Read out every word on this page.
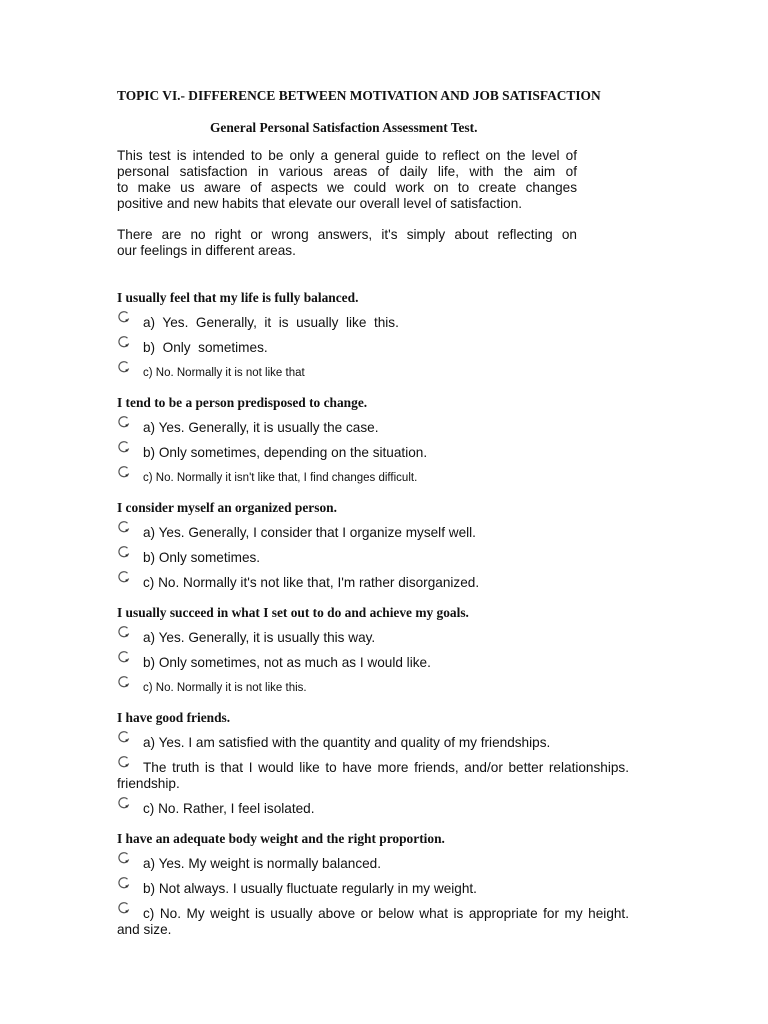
TOPIC VI.- DIFFERENCE BETWEEN MOTIVATION AND JOB SATISFACTION

General Personal Satisfaction Assessment Test.

This test is intended to be only a general guide to reflect on the level of
personal satisfaction in various areas of daily life, with the aim of
to make us aware of aspects we could work on to create changes
positive and new habits that elevate our overall level of satisfaction.

There are no right or wrong answers, it's simply about reflecting on
our feelings in different areas.

I usually feel that my life is fully balanced.

a)  Yes.  Generally,  it  is  usually  like  this.
b)  Only  sometimes.
c) No. Normally it is not like that

I tend to be a person predisposed to change.

a) Yes. Generally, it is usually the case.
b) Only sometimes, depending on the situation.
c) No. Normally it isn't like that, I find changes difficult.

I consider myself an organized person.

a) Yes. Generally, I consider that I organize myself well.
b) Only sometimes.
c) No. Normally it's not like that, I'm rather disorganized.

I usually succeed in what I set out to do and achieve my goals.

a) Yes. Generally, it is usually this way.
b) Only sometimes, not as much as I would like.
c) No. Normally it is not like this.

I have good friends.

a) Yes. I am satisfied with the quantity and quality of my friendships.
The truth is that I would like to have more friends, and/or better relationships. friendship.
c) No. Rather, I feel isolated.

I have an adequate body weight and the right proportion.

a) Yes. My weight is normally balanced.
b) Not always. I usually fluctuate regularly in my weight.
c) No. My weight is usually above or below what is appropriate for my height. and size.
